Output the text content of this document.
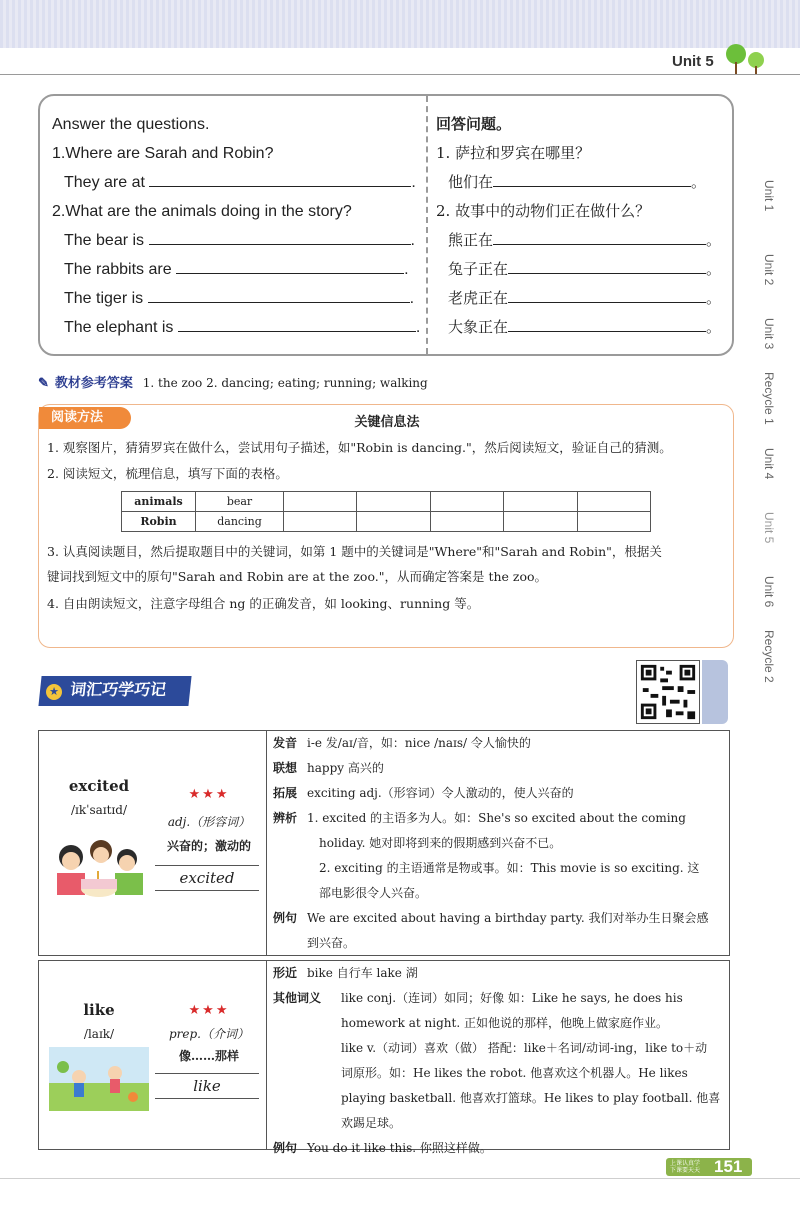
Unit 5
Unit 1
Unit 2
Unit 3
Recycle 1
Unit 4
Unit 5
Unit 6
Recycle 2
Answer the questions.
1.Where are Sarah and Robin?
They are at	.
2.What are the animals doing in the story?
The bear is	.
The rabbits are	.
The tiger is	.
The elephant is	.
回答问题。
1. 萨拉和罗宾在哪里？
他们在	。
2. 故事中的动物们正在做什么？
熊正在	。
兔子正在	。
老虎正在	。
大象正在	。
✎ 教材参考答案 1. the zoo 2. dancing; eating; running; walking
阅读方法	关键信息法
1. 观察图片，猜猜罗宾在做什么，尝试用句子描述，如"Robin is dancing."，然后阅读短文，验证自己的猜测。
2. 阅读短文，梳理信息，填写下面的表格。
animals	bear					
Robin	dancing					
3. 认真阅读题目，然后提取题目中的关键词，如第 1 题中的关键词是"Where"和"Sarah and Robin"，根据关
键词找到短文中的原句"Sarah and Robin are at the zoo."，从而确定答案是 the zoo。
4. 自由朗读短文，注意字母组合 ng 的正确发音，如 looking、running 等。
词汇巧学巧记
★
excited
/ɪkˈsaɪtɪd/
★★★
adj.（形容词）
兴奋的；激动的
excited
发音 i-e 发/aɪ/音，如：nice /naɪs/ 令人愉快的
联想 happy 高兴的
拓展 exciting adj.（形容词）令人激动的，使人兴奋的
辨析 1. excited 的主语多为人。如：She's so excited about the coming
holiday. 她对即将到来的假期感到兴奋不已。
2. exciting 的主语通常是物或事。如：This movie is so exciting. 这
部电影很令人兴奋。
例句 We are excited about having a birthday party. 我们对举办生日聚会感
到兴奋。
like
/laɪk/
★★★
prep.（介词）
像……那样
like
形近 bike 自行车 lake 湖
其他词义 like conj.（连词）如同；好像 如：Like he says, he does his
homework at night. 正如他说的那样，他晚上做家庭作业。
like v.（动词）喜欢（做） 搭配：like＋名词/动词-ing，like to＋动
词原形。如：He likes the robot. 他喜欢这个机器人。He likes
playing basketball. 他喜欢打篮球。He likes to play football. 他喜
欢踢足球。
例句 You do it like this. 你照这样做。
上课认真学
下课要天天 151
